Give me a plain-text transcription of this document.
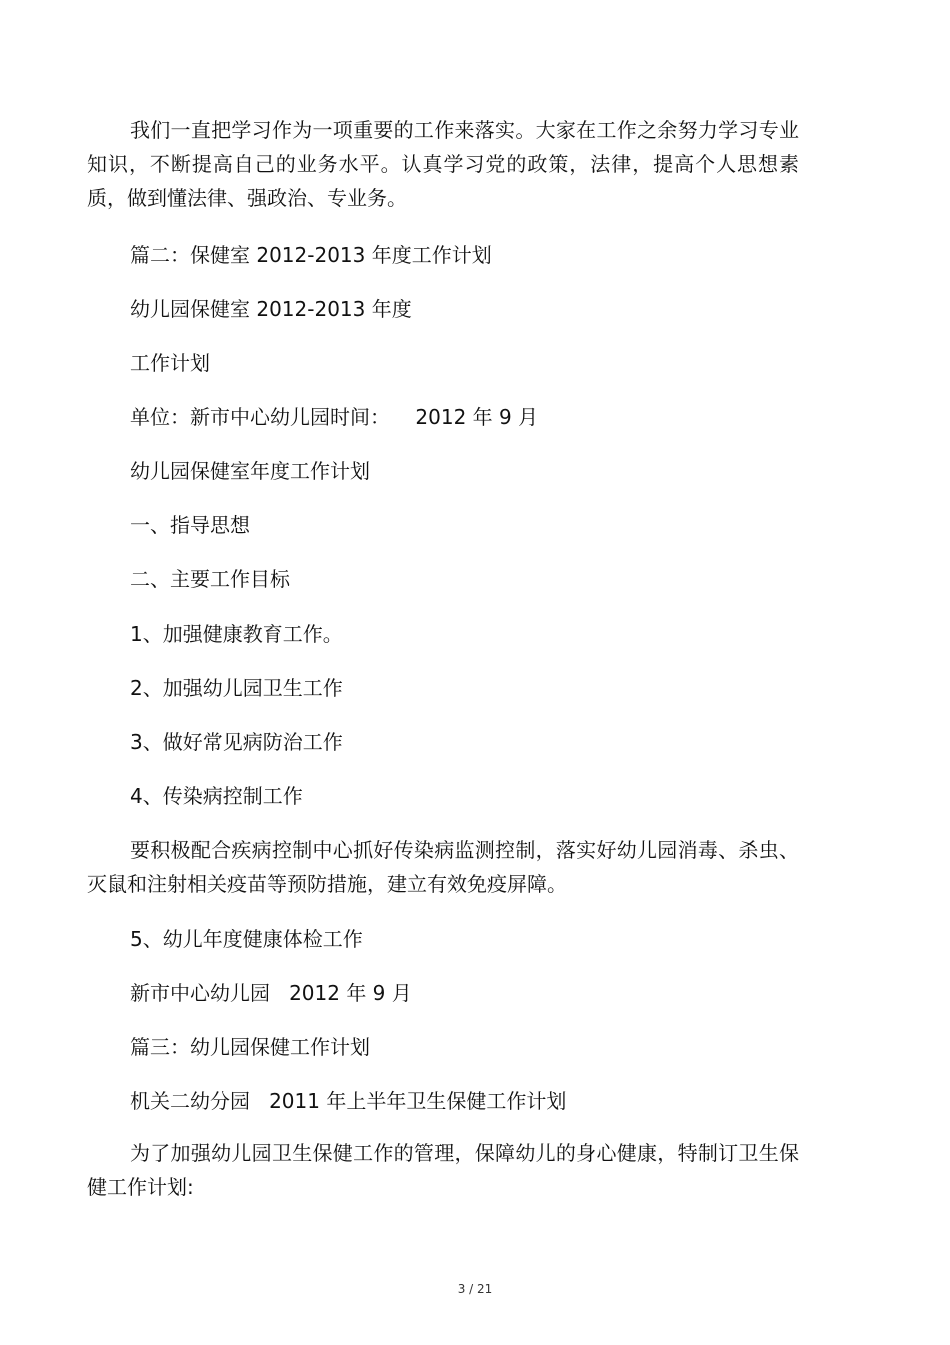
我们一直把学习作为一项重要的工作来落实。大家在工作之余努力学习专业知识，不断提高自己的业务水平。认真学习党的政策，法律，提高个人思想素质，做到懂法律、强政治、专业务。

篇二：保健室 2012-2013 年度工作计划
幼儿园保健室 2012-2013 年度
工作计划
单位：新市中心幼儿园时间：    2012 年 9 月
幼儿园保健室年度工作计划
一、指导思想
二、主要工作目标
1、加强健康教育工作。
2、加强幼儿园卫生工作
3、做好常见病防治工作
4、传染病控制工作

要积极配合疾病控制中心抓好传染病监测控制，落实好幼儿园消毒、杀虫、灭鼠和注射相关疫苗等预防措施，建立有效免疫屏障。

5、幼儿年度健康体检工作
新市中心幼儿园   2012 年 9 月
篇三：幼儿园保健工作计划
机关二幼分园   2011 年上半年卫生保健工作计划

为了加强幼儿园卫生保健工作的管理，保障幼儿的身心健康，特制订卫生保健工作计划:

3 / 21
